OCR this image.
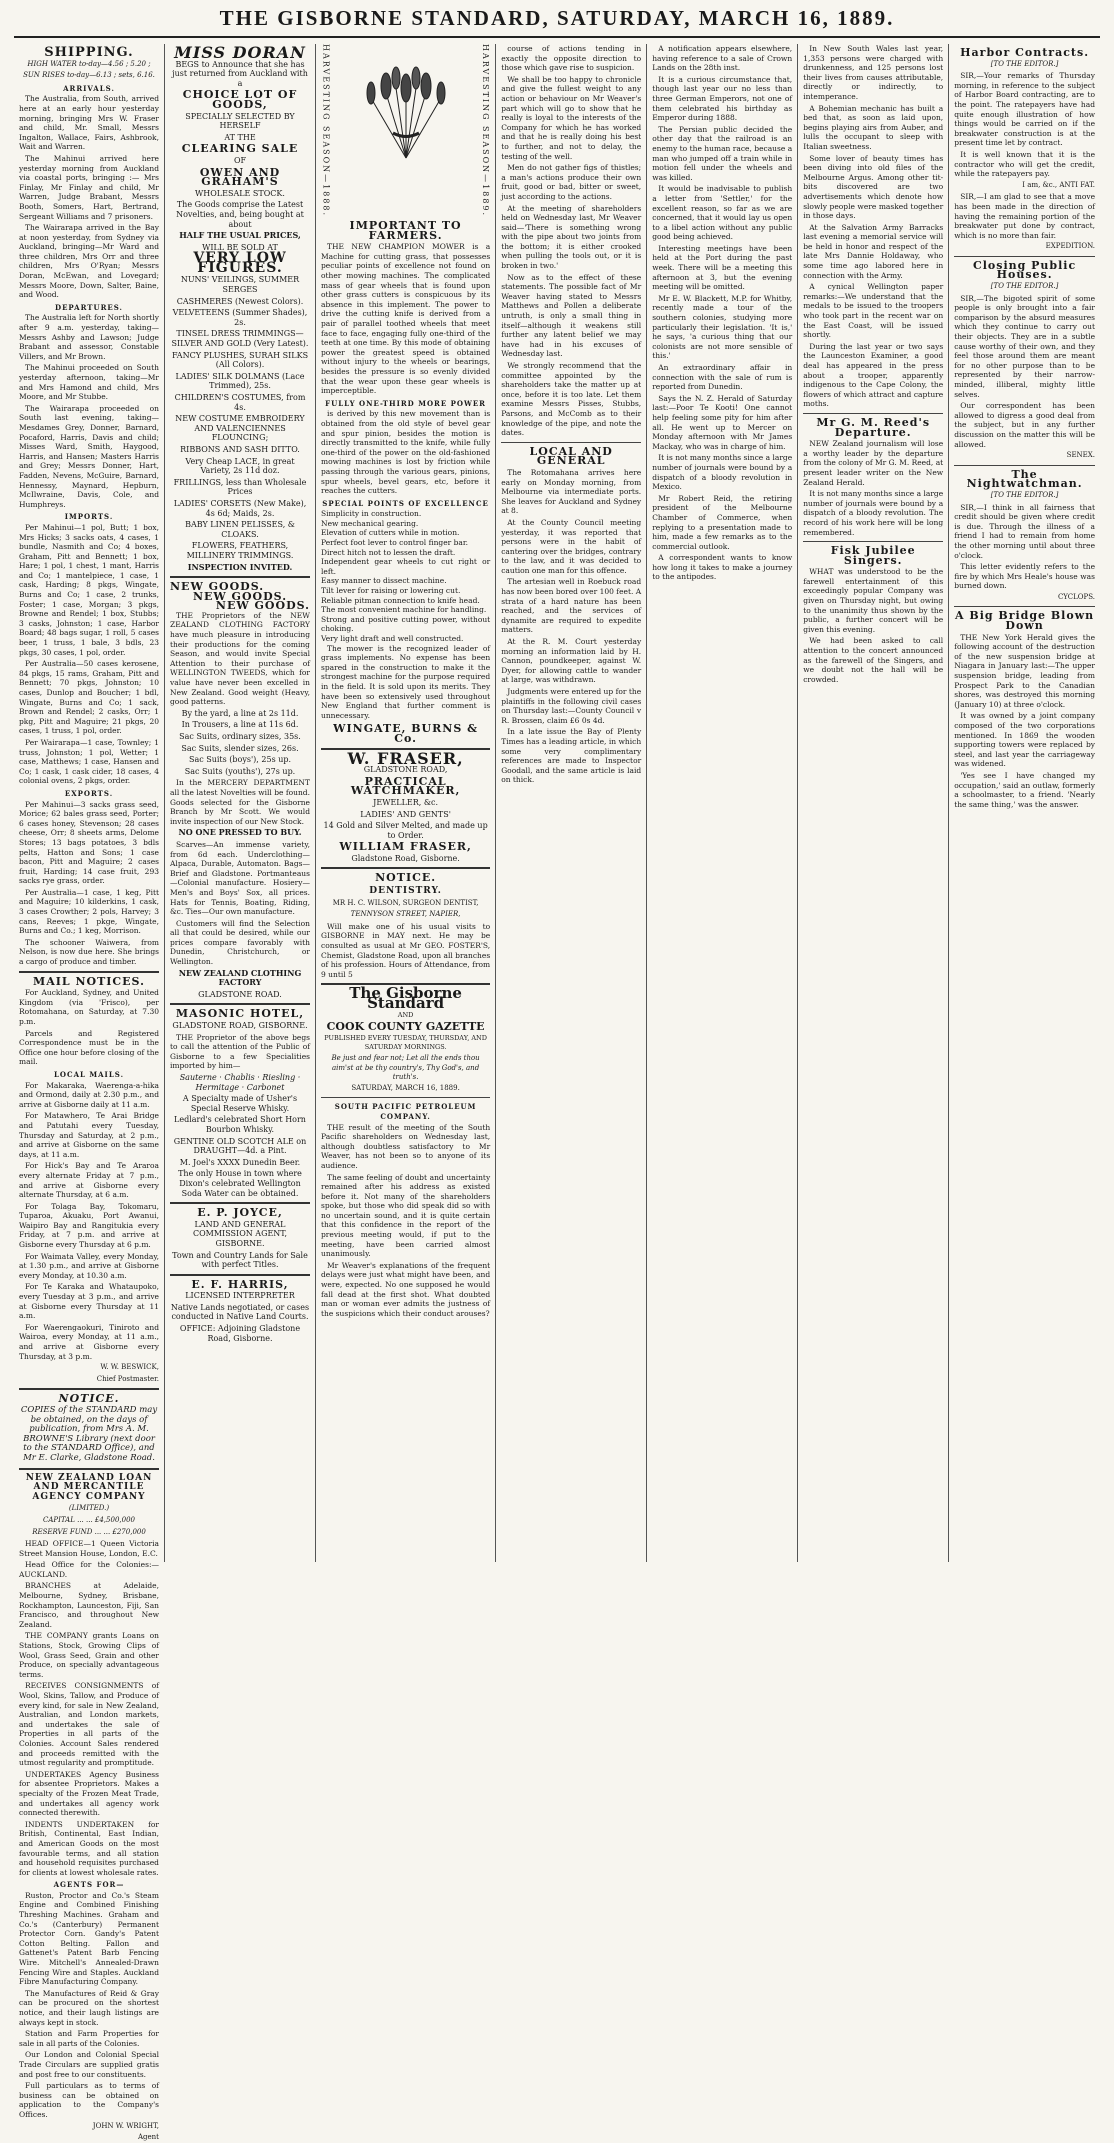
THE GISBORNE STANDARD, SATURDAY, MARCH 16, 1889.
SHIPPING.
HIGH WATER to-day—4.56 ; 5.20 ;
SUN RISES to-day—6.13 ; sets, 6.16.
ARRIVALS.

The Australia, from South, arrived here at an early hour yesterday morning, bringing Mrs W. Fraser and child, Mr. Small, Messrs Ingalton, Wallace, Fairs, Ashbrook, Wait and Warren.

The Mahinui arrived here yesterday morning from Auckland via coastal ports, bringing :— Mrs Finlay, Mr Finlay and child, Mr Warren, Judge Brabant, Messrs Booth, Somers, Hart, Bertrand, Sergeant Williams and 7 prisoners.

The Wairarapa arrived in the Bay at noon yesterday, from Sydney via Auckland, bringing—Mr Ward and three children, Mrs Orr and three children, Mrs O'Ryan; Messrs Doran, McEwan, and Lovegard; Messrs Moore, Down, Salter, Baine, and Wood.

DEPARTURES.

The Australia left for North shortly after 9 a.m. yesterday, taking—Messrs Ashby and Lawson; Judge Brabant and assessor, Constable Villers, and Mr Brown.

The Mahinui proceeded on South yesterday afternoon, taking—Mr and Mrs Hamond and child, Mrs Moore, and Mr Stubbe.

The Wairarapa proceeded on South last evening, taking—Mesdames Grey, Donner, Barnard, Pocaford, Harris, Davis and child; Misses Ward, Smith, Haygood, Harris, and Hansen; Masters Harris and Grey; Messrs Donner, Hart, Fadden, Nevens, McGuire, Barnard, Hennessy, Maynard, Hepburn, McIlwraine, Davis, Cole, and Humphreys.

IMPORTS.

Per Mahinui—1 pol, Butt; 1 box, Mrs Hicks; 3 sacks oats, 4 cases, 1 bundle, Nasmith and Co; 4 boxes, Graham, Pitt and Bennett; 1 box, Hare; 1 pol, 1 chest, 1 mant, Harris and Co; 1 mantelpiece, 1 case, 1 cask, Harding; 8 pkgs, Wingate, Burns and Co; 1 case, 2 trunks, Foster; 1 case, Morgan; 3 pkgs, Browne and Rendel; 1 box, Stubbs; 3 casks, Johnston; 1 case, Harbor Board; 48 bags sugar, 1 roll, 5 cases beer, 1 truss, 1 bale, 3 bdls, 23 pkgs, 30 cases, 1 pol, order.

Per Australia—50 cases kerosene, 84 pkgs, 15 rams, Graham, Pitt and Bennett; 70 pkgs, Johnston; 10 cases, Dunlop and Boucher; 1 bdl, Wingate, Burns and Co; 1 sack, Brown and Rendel; 2 casks, Orr; 1 pkg, Pitt and Maguire; 21 pkgs, 20 cases, 1 truss, 1 pol, order.

Per Wairarapa—1 case, Townley; 1 truss, Johnston; 1 pol, Wetter; 1 case, Matthews; 1 case, Hansen and Co; 1 cask, 1 cask cider, 18 cases, 4 colonial ovens, 2 pkgs, order.

EXPORTS.

Per Mahinui—3 sacks grass seed, Morice; 62 bales grass seed, Porter; 6 cases honey, Stevenson; 28 cases cheese, Orr; 8 sheets arms, Delome Stores; 13 bags potatoes, 3 bdls pelts, Hatton and Sons; 1 case bacon, Pitt and Maguire; 2 cases fruit, Harding; 14 case fruit, 293 sacks rye grass, order.

Per Australia—1 case, 1 keg, Pitt and Maguire; 10 kilderkins, 1 cask, 3 cases Crowther; 2 pols, Harvey; 3 cans, Reeves; 1 pkge, Wingate, Burns and Co.; 1 keg, Morrison.

The schooner Waiwera, from Nelson, is now due here. She brings a cargo of produce and timber.

MAIL NOTICES.

For Auckland, Sydney, and United Kingdom (via 'Frisco), per Rotomahana, on Saturday, at 7.30 p.m.

Parcels and Registered Correspondence must be in the Office one hour before closing of the mail.

LOCAL MAILS.

For Makaraka, Waerenga-a-hika and Ormond, daily at 2.30 p.m., and arrive at Gisborne daily at 11 a.m.

For Matawhero, Te Arai Bridge and Patutahi every Tuesday, Thursday and Saturday, at 2 p.m., and arrive at Gisborne on the same days, at 11 a.m.

For Hick's Bay and Te Araroa every alternate Friday at 7 p.m., and arrive at Gisborne every alternate Thursday, at 6 a.m.

For Tolaga Bay, Tokomaru, Tuparoa, Akuaku, Port Awanui, Waipiro Bay and Rangitukia every Friday, at 7 p.m. and arrive at Gisborne every Thursday at 6 p.m.

For Waimata Valley, every Monday, at 1.30 p.m., and arrive at Gisborne every Monday, at 10.30 a.m.

For Te Karaka and Whataupoko, every Tuesday at 3 p.m., and arrive at Gisborne every Thursday at 11 a.m.

For Waerengaokuri, Tiniroto and Wairoa, every Monday, at 11 a.m., and arrive at Gisborne every Thursday, at 3 p.m.

W. W. BESWICK,
Chief Postmaster.
NOTICE.
COPIES of the STANDARD may be obtained, on the days of publication, from Mrs A. M. BROWNE'S Library (next door to the STANDARD Office), and Mr E. Clarke, Gladstone Road.
NEW ZEALAND LOAN AND MERCANTILE AGENCY COMPANY
(LIMITED.)
CAPITAL ... ... £4,500,000
RESERVE FUND ... ... £270,000

HEAD OFFICE—1 Queen Victoria Street Mansion House, London, E.C.

Head Office for the Colonies:—AUCKLAND.

BRANCHES at Adelaide, Melbourne, Sydney, Brisbane, Rockhampton, Launceston, Fiji, San Francisco, and throughout New Zealand.

THE COMPANY grants Loans on Stations, Stock, Growing Clips of Wool, Grass Seed, Grain and other Produce, on specially advantageous terms.

RECEIVES CONSIGNMENTS of Wool, Skins, Tallow, and Produce of every kind, for sale in New Zealand, Australian, and London markets, and undertakes the sale of Properties in all parts of the Colonies. Account Sales rendered and proceeds remitted with the utmost regularity and promptitude.

UNDERTAKES Agency Business for absentee Proprietors. Makes a specialty of the Frozen Meat Trade, and undertakes all agency work connected therewith.

INDENTS UNDERTAKEN for British, Continental, East Indian, and American Goods on the most favourable terms, and all station and household requisites purchased for clients at lowest wholesale rates.

AGENTS FOR—

Ruston, Proctor and Co.'s Steam Engine and Combined Finishing Threshing Machines. Graham and Co.'s (Canterbury) Permanent Protector Corn. Gandy's Patent Cotton Belting. Fallon and Gattenet's Patent Barb Fencing Wire. Mitchell's Annealed-Drawn Fencing Wire and Staples. Auckland Fibre Manufacturing Company.

The Manufactures of Reid & Gray can be procured on the shortest notice, and their laugh listings are always kept in stock.

Station and Farm Properties for sale in all parts of the Colonies.

Our London and Colonial Special Trade Circulars are supplied gratis and post free to our constituents.

Full particulars as to terms of business can be obtained on application to the Company's Offices.

JOHN W. WRIGHT,
Agent
MISS DORAN
BEGS to Announce that she has just returned from Auckland with a
CHOICE LOT OF GOODS,
SPECIALLY SELECTED BY HERSELF
AT THE
CLEARING SALE
OF
OWEN AND GRAHAM'S
WHOLESALE STOCK.
The Goods comprise the Latest Novelties, and, being bought at about
HALF THE USUAL PRICES,
WILL BE SOLD AT
VERY LOW FIGURES.
NUNS' VEILINGS, SUMMER SERGES
CASHMERES (Newest Colors).
VELVETEENS (Summer Shades), 2s.
TINSEL DRESS TRIMMINGS—SILVER AND GOLD (Very Latest).
FANCY PLUSHES, SURAH SILKS (All Colors).
LADIES' SILK DOLMANS (Lace Trimmed), 25s.
CHILDREN'S COSTUMES, from 4s.
NEW COSTUME EMBROIDERY AND VALENCIENNES FLOUNCING;
RIBBONS AND SASH DITTO.
Very Cheap LACE, in great Variety, 2s 11d doz.
FRILLINGS, less than Wholesale Prices
LADIES' CORSETS (New Make), 4s 6d; Maids, 2s.
BABY LINEN PELISSES, & CLOAKS.
FLOWERS, FEATHERS, MILLINERY TRIMMINGS.
INSPECTION INVITED.
NEW GOODS.
NEW GOODS.
NEW GOODS.

THE Proprietors of the NEW ZEALAND CLOTHING FACTORY have much pleasure in introducing their productions for the coming Season, and would invite Special Attention to their purchase of WELLINGTON TWEEDS, which for value have never been excelled in New Zealand. Good weight (Heavy, good patterns.

By the yard, a line at 2s 11d.
In Trousers, a line at 11s 6d.
Sac Suits, ordinary sizes, 35s.
Sac Suits, slender sizes, 26s.
Sac Suits (boys'), 25s up.
Sac Suits (youths'), 27s up.

In the MERCERY DEPARTMENT all the latest Novelties will be found. Goods selected for the Gisborne Branch by Mr Scott. We would invite inspection of our New Stock.

NO ONE PRESSED TO BUY.

Scarves—An immense variety, from 6d each. Underclothing—Alpaca, Durable, Automaton. Bags—Brief and Gladstone. Portmanteaus—Colonial manufacture. Hosiery—Men's and Boys' Sox, all prices. Hats for Tennis, Boating, Riding, &c. Ties—Our own manufacture.

Customers will find the Selection all that could be desired, while our prices compare favorably with Dunedin, Christchurch, or Wellington.

NEW ZEALAND CLOTHING FACTORY
GLADSTONE ROAD.
MASONIC HOTEL,
GLADSTONE ROAD, GISBORNE.

THE Proprietor of the above begs to call the attention of the Public of Gisborne to a few Specialities imported by him—

Sauterne · Chablis · Riesling · Hermitage · Carbonet
A Specialty made of Usher's Special Reserve Whisky.
Ledlard's celebrated Short Horn Bourbon Whisky.
GENTINE OLD SCOTCH ALE on DRAUGHT—4d. a Pint.
M. Joel's XXXX Dunedin Beer.
The only House in town where Dixon's celebrated Wellington Soda Water can be obtained.
E. P. JOYCE,
LAND AND GENERAL COMMISSION AGENT, GISBORNE.
Town and Country Lands for Sale with perfect Titles.
E. F. HARRIS,
LICENSED INTERPRETER
Native Lands negotiated, or cases conducted in Native Land Courts.
OFFICE: Adjoining Gladstone Road, Gisborne.
HARVESTING SEASON—1888.	HARVESTING SEASON—1889.
IMPORTANT TO FARMERS.

THE NEW CHAMPION MOWER is a Machine for cutting grass, that possesses peculiar points of excellence not found on other mowing machines. The complicated mass of gear wheels that is found upon other grass cutters is conspicuous by its absence in this implement. The power to drive the cutting knife is derived from a pair of parallel toothed wheels that meet face to face, engaging fully one-third of the teeth at one time. By this mode of obtaining power the greatest speed is obtained without injury to the wheels or bearings, besides the pressure is so evenly divided that the wear upon these gear wheels is imperceptible.

FULLY ONE-THIRD MORE POWER

is derived by this new movement than is obtained from the old style of bevel gear and spur pinion, besides the motion is directly transmitted to the knife, while fully one-third of the power on the old-fashioned mowing machines is lost by friction while passing through the various gears, pinions, spur wheels, bevel gears, etc, before it reaches the cutters.

SPECIAL POINTS OF EXCELLENCE
Simplicity in construction.
New mechanical gearing.
Elevation of cutters while in motion.
Perfect foot lever to control finger bar.
Direct hitch not to lessen the draft.
Independent gear wheels to cut right or left.
Easy manner to dissect machine.
Tilt lever for raising or lowering cut.
Reliable pitman connection to knife head.
The most convenient machine for handling.
Strong and positive cutting power, without choking.
Very light draft and well constructed.

The mower is the recognized leader of grass implements. No expense has been spared in the construction to make it the strongest machine for the purpose required in the field. It is sold upon its merits. They have been so extensively used throughout New England that further comment is unnecessary.

WINGATE, BURNS & Co.
W. FRASER,
GLADSTONE ROAD,
PRACTICAL WATCHMAKER,
JEWELLER, &c.
LADIES' AND GENTS'
14 Gold and Silver Melted, and made up to Order.
WILLIAM FRASER,
Gladstone Road, Gisborne.
NOTICE.
DENTISTRY.
MR H. C. WILSON, SURGEON DENTIST,
TENNYSON STREET, NAPIER,

Will make one of his usual visits to GISBORNE in MAY next. He may be consulted as usual at Mr GEO. FOSTER'S, Chemist, Gladstone Road, upon all branches of his profession. Hours of Attendance, from 9 until 5

The Gisborne Standard
AND
COOK COUNTY GAZETTE
PUBLISHED EVERY TUESDAY, THURSDAY, AND SATURDAY MORNINGS.
Be just and fear not; Let all the ends thou aim'st at be thy country's, Thy God's, and truth's.
SATURDAY, MARCH 16, 1889.
SOUTH PACIFIC PETROLEUM COMPANY.

THE result of the meeting of the South Pacific shareholders on Wednesday last, although doubtless satisfactory to Mr Weaver, has not been so to anyone of its audience.

The same feeling of doubt and uncertainty remained after his address as existed before it. Not many of the shareholders spoke, but those who did speak did so with no uncertain sound, and it is quite certain that this confidence in the report of the previous meeting would, if put to the meeting, have been carried almost unanimously.

Mr Weaver's explanations of the frequent delays were just what might have been, and were, expected. No one supposed he would fall dead at the first shot. What doubted man or woman ever admits the justness of the suspicions which their conduct arouses?

course of actions tending in exactly the opposite direction to those which gave rise to suspicion.

We shall be too happy to chronicle and give the fullest weight to any action or behaviour on Mr Weaver's part which will go to show that he really is loyal to the interests of the Company for which he has worked and that he is really doing his best to further, and not to delay, the testing of the well.

Men do not gather figs of thistles; a man's actions produce their own fruit, good or bad, bitter or sweet, just according to the actions.

At the meeting of shareholders held on Wednesday last, Mr Weaver said—'There is something wrong with the pipe about two joints from the bottom; it is either crooked when pulling the tools out, or it is broken in two.'

Now as to the effect of these statements. The possible fact of Mr Weaver having stated to Messrs Matthews and Pollen a deliberate untruth, is only a small thing in itself—although it weakens still further any latent belief we may have had in his excuses of Wednesday last.

We strongly recommend that the committee appointed by the shareholders take the matter up at once, before it is too late. Let them examine Messrs Pisses, Stubbs, Parsons, and McComb as to their knowledge of the pipe, and note the dates.

LOCAL AND GENERAL

The Rotomahana arrives here early on Monday morning, from Melbourne via intermediate ports. She leaves for Auckland and Sydney at 8.

At the County Council meeting yesterday, it was reported that persons were in the habit of cantering over the bridges, contrary to the law, and it was decided to caution one man for this offence.

The artesian well in Roebuck road has now been bored over 100 feet. A strata of a hard nature has been reached, and the services of dynamite are required to expedite matters.

At the R. M. Court yesterday morning an information laid by H. Cannon, poundkeeper, against W. Dyer, for allowing cattle to wander at large, was withdrawn.

Judgments were entered up for the plaintiffs in the following civil cases on Thursday last:—County Council v R. Brossen, claim £6 0s 4d.

In a late issue the Bay of Plenty Times has a leading article, in which some very complimentary references are made to Inspector Goodall, and the same article is laid on thick.

A notification appears elsewhere, having reference to a sale of Crown Lands on the 28th inst.

It is a curious circumstance that, though last year our no less than three German Emperors, not one of them celebrated his birthday as Emperor during 1888.

The Persian public decided the other day that the railroad is an enemy to the human race, because a man who jumped off a train while in motion fell under the wheels and was killed.

It would be inadvisable to publish a letter from 'Settler,' for the excellent reason, so far as we are concerned, that it would lay us open to a libel action without any public good being achieved.

Interesting meetings have been held at the Port during the past week. There will be a meeting this afternoon at 3, but the evening meeting will be omitted.

Mr E. W. Blackett, M.P. for Whitby, recently made a tour of the southern colonies, studying more particularly their legislation. 'It is,' he says, 'a curious thing that our colonists are not more sensible of this.'

An extraordinary affair in connection with the sale of rum is reported from Dunedin.

Says the N. Z. Herald of Saturday last:—Poor Te Kooti! One cannot help feeling some pity for him after all. He went up to Mercer on Monday afternoon with Mr James Mackay, who was in charge of him.

It is not many months since a large number of journals were bound by a dispatch of a bloody revolution in Mexico.

Mr Robert Reid, the retiring president of the Melbourne Chamber of Commerce, when replying to a presentation made to him, made a few remarks as to the commercial outlook.

A correspondent wants to know how long it takes to make a journey to the antipodes.

In New South Wales last year, 1,353 persons were charged with drunkenness, and 125 persons lost their lives from causes attributable, directly or indirectly, to intemperance.

A Bohemian mechanic has built a bed that, as soon as laid upon, begins playing airs from Auber, and lulls the occupant to sleep with Italian sweetness.

Some lover of beauty times has been diving into old files of the Melbourne Argus. Among other tit-bits discovered are two advertisements which denote how slowly people were masked together in those days.

At the Salvation Army Barracks last evening a memorial service will be held in honor and respect of the late Mrs Dannie Holdaway, who some time ago labored here in connection with the Army.

A cynical Wellington paper remarks:—We understand that the medals to be issued to the troopers who took part in the recent war on the East Coast, will be issued shortly.

During the last year or two says the Launceston Examiner, a good deal has appeared in the press about a trooper, apparently indigenous to the Cape Colony, the flowers of which attract and capture moths.

Mr G. M. Reed's Departure.

NEW Zealand journalism will lose a worthy leader by the departure from the colony of Mr G. M. Reed, at present leader writer on the New Zealand Herald.

It is not many months since a large number of journals were bound by a dispatch of a bloody revolution. The record of his work here will be long remembered.

Fisk Jubilee Singers.

WHAT was understood to be the farewell entertainment of this exceedingly popular Company was given on Thursday night, but owing to the unanimity thus shown by the public, a further concert will be given this evening.

We had been asked to call attention to the concert announced as the farewell of the Singers, and we doubt not the hall will be crowded.

Harbor Contracts.
[TO THE EDITOR.]

SIR,—Your remarks of Thursday morning, in reference to the subject of Harbor Board contracting, are to the point. The ratepayers have had quite enough illustration of how things would be carried on if the breakwater construction is at the present time let by contract.

It is well known that it is the contractor who will get the credit, while the ratepayers pay.

I am, &c., ANTI FAT.

SIR,—I am glad to see that a move has been made in the direction of having the remaining portion of the breakwater put done by contract, which is no more than fair.

EXPEDITION.
Closing Public Houses.
[TO THE EDITOR.]

SIR,—The bigoted spirit of some people is only brought into a fair comparison by the absurd measures which they continue to carry out their objects. They are in a subtle cause worthy of their own, and they feel those around them are meant for no other purpose than to be represented by their narrow-minded, illiberal, mighty little selves.

Our correspondent has been allowed to digress a good deal from the subject, but in any further discussion on the matter this will be allowed.

SENEX.
The Nightwatchman.
[TO THE EDITOR.]

SIR,—I think in all fairness that credit should be given where credit is due. Through the illness of a friend I had to remain from home the other morning until about three o'clock.

This letter evidently refers to the fire by which Mrs Heale's house was burned down.

CYCLOPS.
A Big Bridge Blown Down

THE New York Herald gives the following account of the destruction of the new suspension bridge at Niagara in January last:—The upper suspension bridge, leading from Prospect Park to the Canadian shores, was destroyed this morning (January 10) at three o'clock.

It was owned by a joint company composed of the two corporations mentioned. In 1869 the wooden supporting towers were replaced by steel, and last year the carriageway was widened.

'Yes see I have changed my occupation,' said an outlaw, formerly a schoolmaster, to a friend. 'Nearly the same thing,' was the answer.
